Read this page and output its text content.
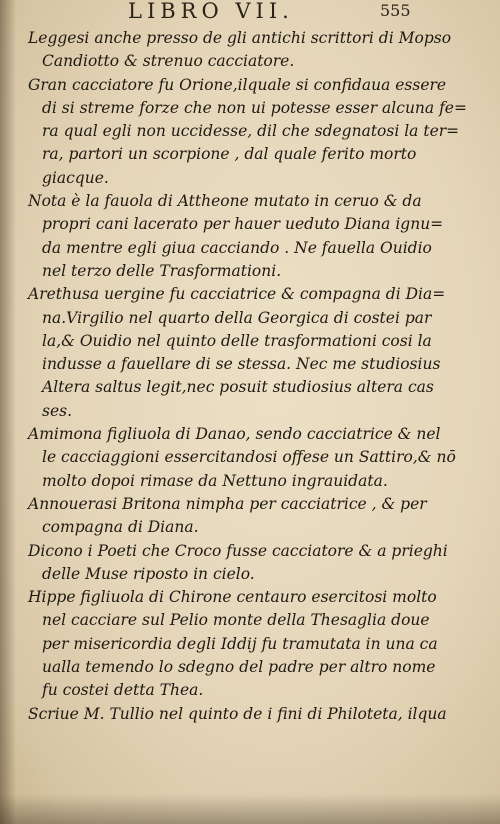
LIBRO VII.	555
Leggesi anche presso de gli antichi scrittori di Mopso
Candiotto & strenuo cacciatore.
Gran cacciatore fu Orione,ilquale si confidaua essere
di si streme forze che non ui potesse esser alcuna fe=
ra qual egli non uccidesse, dil che sdegnatosi la ter=
ra, partori un scorpione , dal quale ferito morto
giacque.
Nota è la fauola di Attheone mutato in ceruo & da
propri cani lacerato per hauer ueduto Diana ignu=
da mentre egli giua cacciando . Ne fauella Ouidio
nel terzo delle Trasformationi.
Arethusa uergine fu cacciatrice & compagna di Dia=
na.Virgilio nel quarto della Georgica di costei par
la,& Ouidio nel quinto delle trasformationi cosi la
indusse a fauellare di se stessa. Nec me studiosius
Altera saltus legit,nec posuit studiosius altera cas
ses.
Amimona figliuola di Danao, sendo cacciatrice & nel
le cacciaggioni essercitandosi offese un Sattiro,& nō
molto dopoi rimase da Nettuno ingrauidata.
Annouerasi Britona nimpha per cacciatrice , & per
compagna di Diana.
Dicono i Poeti che Croco fusse cacciatore & a prieghi
delle Muse riposto in cielo.
Hippe figliuola di Chirone centauro esercitosi molto
nel cacciare sul Pelio monte della Thesaglia doue
per misericordia degli Iddij fu tramutata in una ca
ualla temendo lo sdegno del padre per altro nome
fu costei detta Thea.
Scriue M. Tullio nel quinto de i fini di Philoteta, ilqua
